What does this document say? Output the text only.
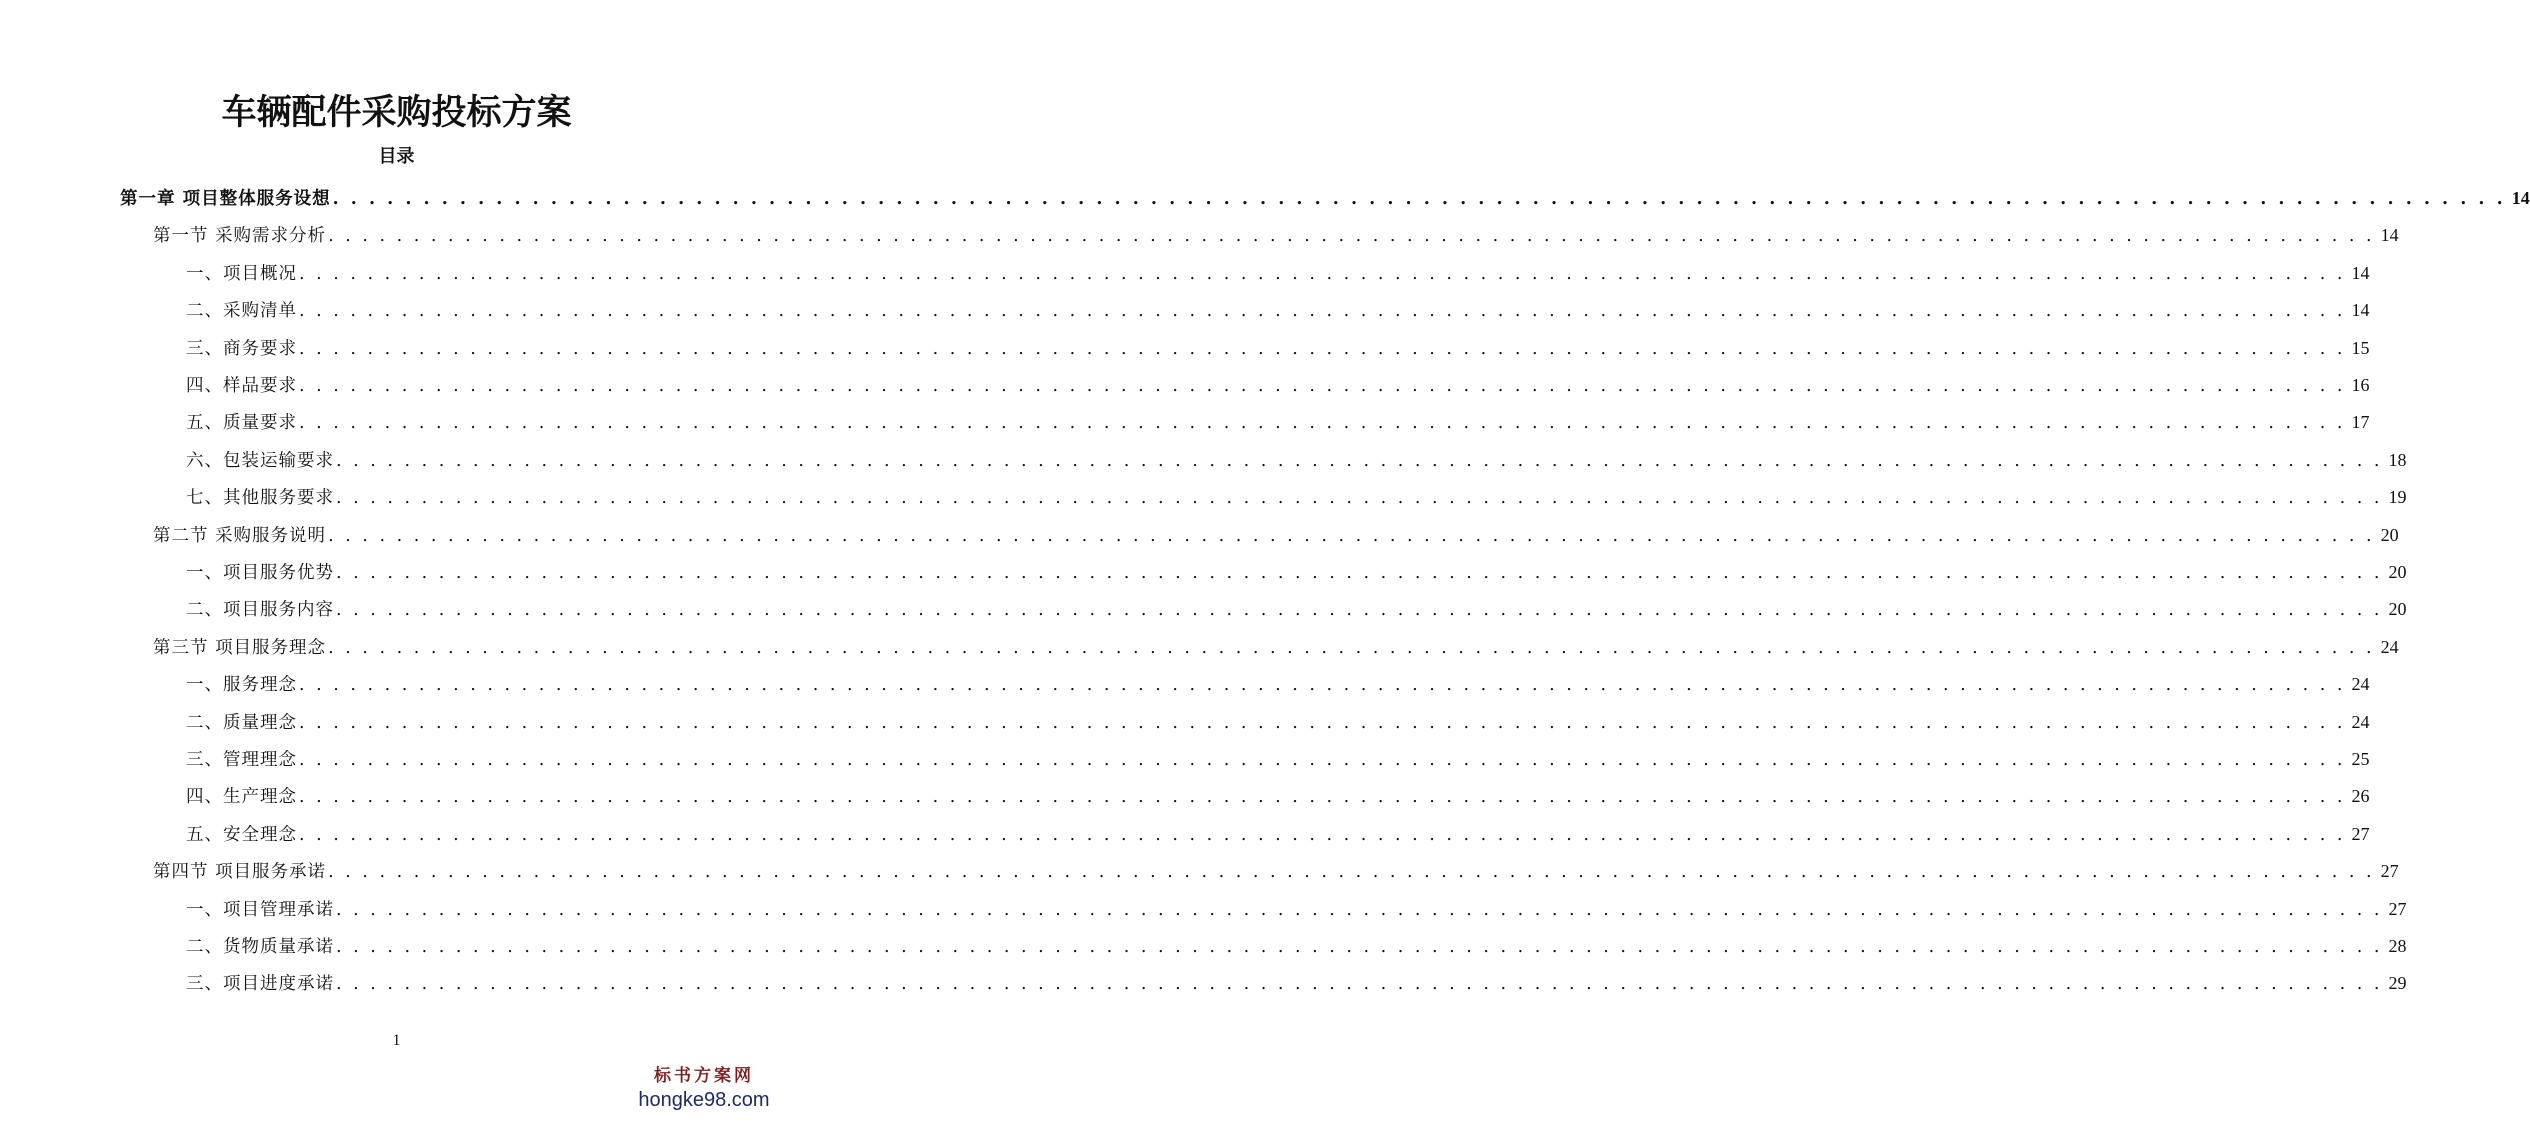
车辆配件采购投标方案
目录
第一章 项目整体服务设想 . . . . . . . . . . . . . . . . . . . . . . . . . . . . . . . . . . . . . . . . . . . . . . . . . . . . . . . . . . . . . . . . . . . . . . . . . . . . . . . . . . . . . . . . . . . . . . . . . . . . . . . . . . . . . . . . . . . . . . . . 14
第一节 采购需求分析 . . . . . . . . . . . . . . . . . . . . . . . . . . . . . . . . . . . . . . . . . . . . . . . . . . . . . . . . . . . . . . . . . . . . . . . . . . . . . . . . . . . . . . . . . . . . . . . . . . . . . . . . . . . . . . . . . . . . . . . . 14
一、项目概况 . . . . . . . . . . . . . . . . . . . . . . . . . . . . . . . . . . . . . . . . . . . . . . . . . . . . . . . . . . . . . . . . . . . . . . . . . . . . . . . . . . . . . . . . . . . . . . . . . . . . . . . . . . . . . . . . . . . . . . . . 14
二、采购清单 . . . . . . . . . . . . . . . . . . . . . . . . . . . . . . . . . . . . . . . . . . . . . . . . . . . . . . . . . . . . . . . . . . . . . . . . . . . . . . . . . . . . . . . . . . . . . . . . . . . . . . . . . . . . . . . . . . . . . . . . 14
三、商务要求 . . . . . . . . . . . . . . . . . . . . . . . . . . . . . . . . . . . . . . . . . . . . . . . . . . . . . . . . . . . . . . . . . . . . . . . . . . . . . . . . . . . . . . . . . . . . . . . . . . . . . . . . . . . . . . . . . . . . . . . . 15
四、样品要求 . . . . . . . . . . . . . . . . . . . . . . . . . . . . . . . . . . . . . . . . . . . . . . . . . . . . . . . . . . . . . . . . . . . . . . . . . . . . . . . . . . . . . . . . . . . . . . . . . . . . . . . . . . . . . . . . . . . . . . . . 16
五、质量要求 . . . . . . . . . . . . . . . . . . . . . . . . . . . . . . . . . . . . . . . . . . . . . . . . . . . . . . . . . . . . . . . . . . . . . . . . . . . . . . . . . . . . . . . . . . . . . . . . . . . . . . . . . . . . . . . . . . . . . . . . 17
六、包装运输要求 . . . . . . . . . . . . . . . . . . . . . . . . . . . . . . . . . . . . . . . . . . . . . . . . . . . . . . . . . . . . . . . . . . . . . . . . . . . . . . . . . . . . . . . . . . . . . . . . . . . . . . . . . . . . . . . . . . . . . . . . 18
七、其他服务要求 . . . . . . . . . . . . . . . . . . . . . . . . . . . . . . . . . . . . . . . . . . . . . . . . . . . . . . . . . . . . . . . . . . . . . . . . . . . . . . . . . . . . . . . . . . . . . . . . . . . . . . . . . . . . . . . . . . . . . . . . 19
第二节 采购服务说明 . . . . . . . . . . . . . . . . . . . . . . . . . . . . . . . . . . . . . . . . . . . . . . . . . . . . . . . . . . . . . . . . . . . . . . . . . . . . . . . . . . . . . . . . . . . . . . . . . . . . . . . . . . . . . . . . . . . . . . . . 20
一、项目服务优势 . . . . . . . . . . . . . . . . . . . . . . . . . . . . . . . . . . . . . . . . . . . . . . . . . . . . . . . . . . . . . . . . . . . . . . . . . . . . . . . . . . . . . . . . . . . . . . . . . . . . . . . . . . . . . . . . . . . . . . . . 20
二、项目服务内容 . . . . . . . . . . . . . . . . . . . . . . . . . . . . . . . . . . . . . . . . . . . . . . . . . . . . . . . . . . . . . . . . . . . . . . . . . . . . . . . . . . . . . . . . . . . . . . . . . . . . . . . . . . . . . . . . . . . . . . . . 20
第三节 项目服务理念 . . . . . . . . . . . . . . . . . . . . . . . . . . . . . . . . . . . . . . . . . . . . . . . . . . . . . . . . . . . . . . . . . . . . . . . . . . . . . . . . . . . . . . . . . . . . . . . . . . . . . . . . . . . . . . . . . . . . . . . . 24
一、服务理念 . . . . . . . . . . . . . . . . . . . . . . . . . . . . . . . . . . . . . . . . . . . . . . . . . . . . . . . . . . . . . . . . . . . . . . . . . . . . . . . . . . . . . . . . . . . . . . . . . . . . . . . . . . . . . . . . . . . . . . . . 24
二、质量理念 . . . . . . . . . . . . . . . . . . . . . . . . . . . . . . . . . . . . . . . . . . . . . . . . . . . . . . . . . . . . . . . . . . . . . . . . . . . . . . . . . . . . . . . . . . . . . . . . . . . . . . . . . . . . . . . . . . . . . . . . 24
三、管理理念 . . . . . . . . . . . . . . . . . . . . . . . . . . . . . . . . . . . . . . . . . . . . . . . . . . . . . . . . . . . . . . . . . . . . . . . . . . . . . . . . . . . . . . . . . . . . . . . . . . . . . . . . . . . . . . . . . . . . . . . . 25
四、生产理念 . . . . . . . . . . . . . . . . . . . . . . . . . . . . . . . . . . . . . . . . . . . . . . . . . . . . . . . . . . . . . . . . . . . . . . . . . . . . . . . . . . . . . . . . . . . . . . . . . . . . . . . . . . . . . . . . . . . . . . . . 26
五、安全理念 . . . . . . . . . . . . . . . . . . . . . . . . . . . . . . . . . . . . . . . . . . . . . . . . . . . . . . . . . . . . . . . . . . . . . . . . . . . . . . . . . . . . . . . . . . . . . . . . . . . . . . . . . . . . . . . . . . . . . . . . 27
第四节 项目服务承诺 . . . . . . . . . . . . . . . . . . . . . . . . . . . . . . . . . . . . . . . . . . . . . . . . . . . . . . . . . . . . . . . . . . . . . . . . . . . . . . . . . . . . . . . . . . . . . . . . . . . . . . . . . . . . . . . . . . . . . . . . 27
一、项目管理承诺 . . . . . . . . . . . . . . . . . . . . . . . . . . . . . . . . . . . . . . . . . . . . . . . . . . . . . . . . . . . . . . . . . . . . . . . . . . . . . . . . . . . . . . . . . . . . . . . . . . . . . . . . . . . . . . . . . . . . . . . . 27
二、货物质量承诺 . . . . . . . . . . . . . . . . . . . . . . . . . . . . . . . . . . . . . . . . . . . . . . . . . . . . . . . . . . . . . . . . . . . . . . . . . . . . . . . . . . . . . . . . . . . . . . . . . . . . . . . . . . . . . . . . . . . . . . . . 28
三、项目进度承诺 . . . . . . . . . . . . . . . . . . . . . . . . . . . . . . . . . . . . . . . . . . . . . . . . . . . . . . . . . . . . . . . . . . . . . . . . . . . . . . . . . . . . . . . . . . . . . . . . . . . . . . . . . . . . . . . . . . . . . . . . 29
1
标书方案网
hongke98.com
